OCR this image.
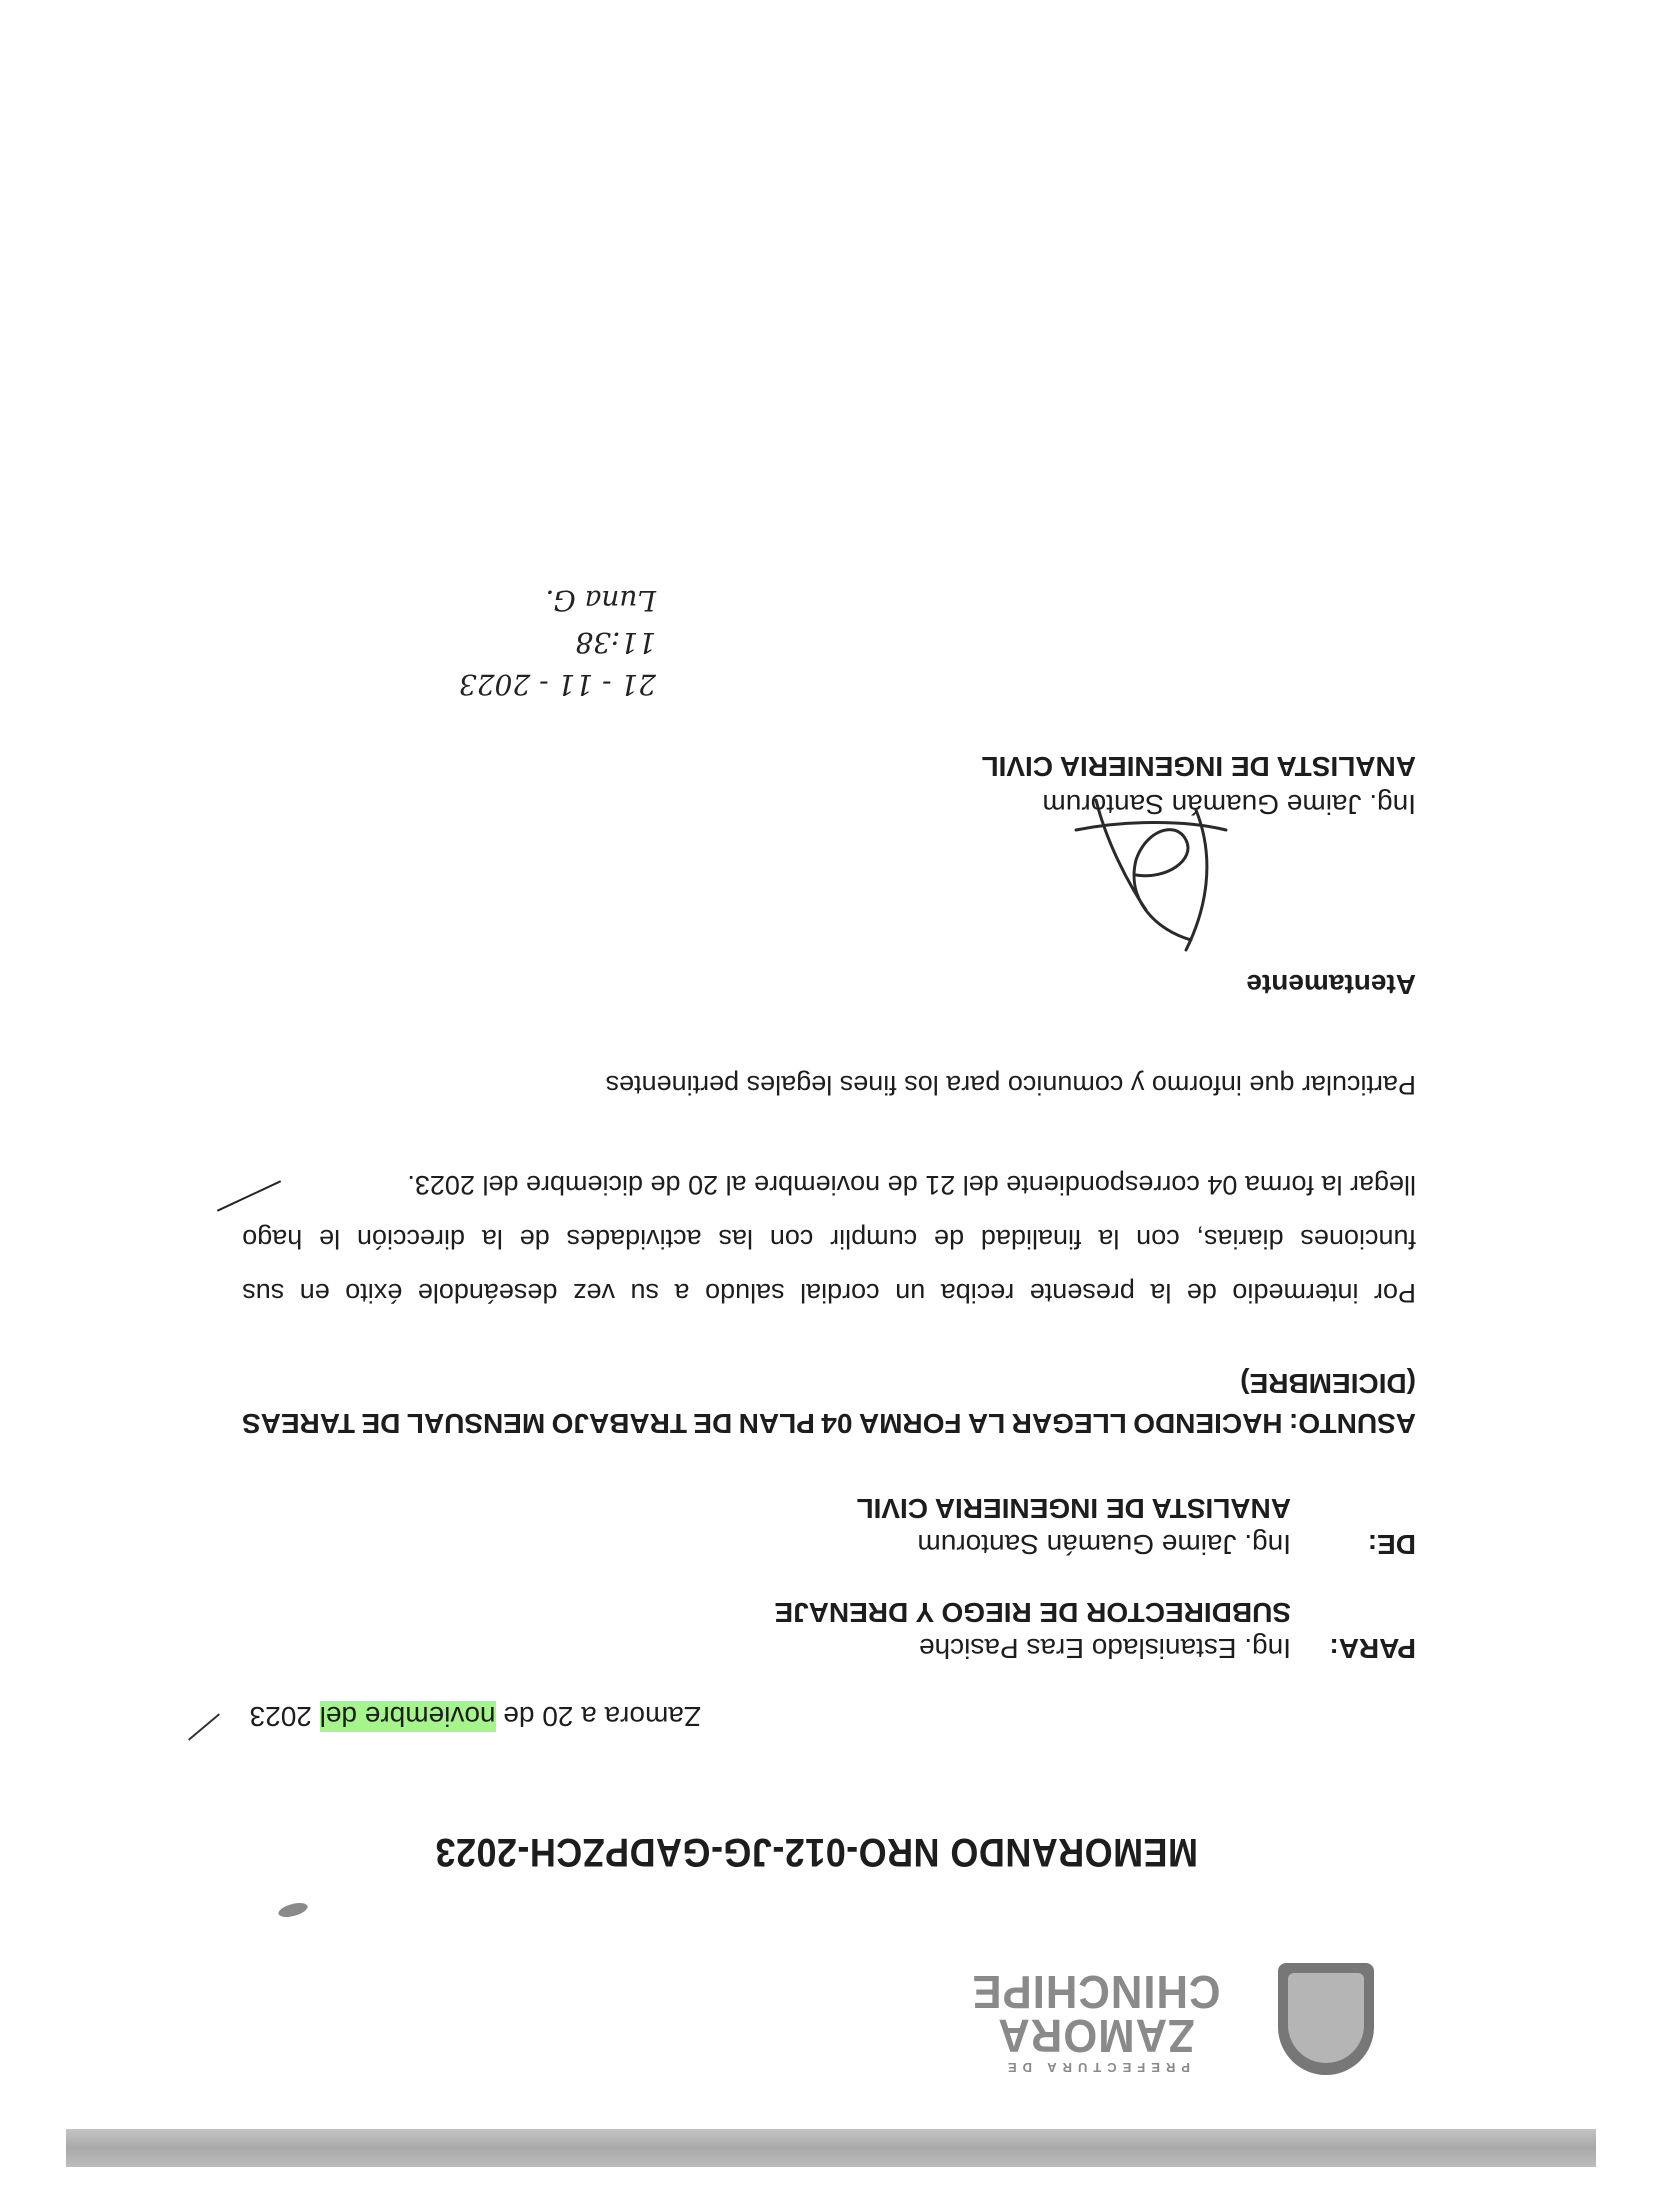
PREFECTURA DE
ZAMORA
CHINCHIPE
MEMORANDO NRO-012-JG-GADPZCH-2023
Zamora a 20 de noviembre del 2023
PARA:
Ing. Estanislado Eras Pasiche
SUBDIRECTOR DE RIEGO Y DRENAJE
DE:
Ing. Jaime Guamán Santorum
ANALISTA DE INGENIERIA CIVIL
ASUNTO:
HACIENDO
LLEGAR
LA
FORMA
04
PLAN
DE
TRABAJO
MENSUAL
DE
TAREAS
(DICIEMBRE)
Por
intermedio
de
la
presente
reciba
un
cordial
saludo
a
su
vez
deseándole
éxito
en
sus
funciones
diarias,
con
la
finalidad
de
cumplir
con
las
actividades
de
la
dirección
le
hago
llegar la forma 04 correspondiente del 21 de noviembre al 20 de diciembre del 2023.
Particular que informo y comunico para los fines legales pertinentes
Atentamente
Ing. Jaime Guamán Santorum
ANALISTA DE INGENIERIA CIVIL
21 - 11 - 2023
11:38
Luna G.
